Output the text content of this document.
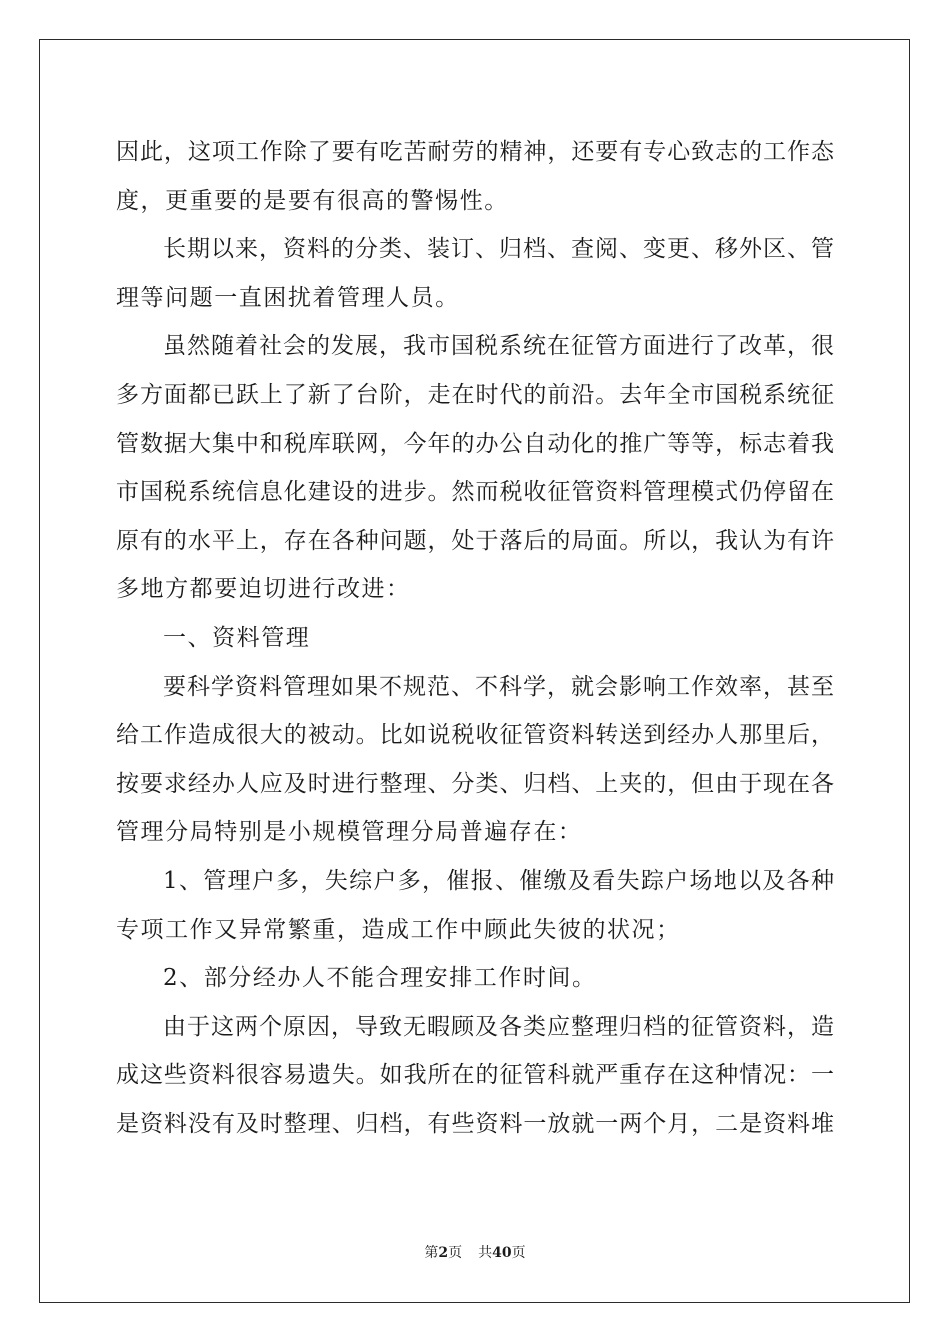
因此，这项工作除了要有吃苦耐劳的精神，还要有专心致志的工作态
度，更重要的是要有很高的警惕性。
长期以来，资料的分类、装订、归档、查阅、变更、移外区、管
理等问题一直困扰着管理人员。
虽然随着社会的发展，我市国税系统在征管方面进行了改革，很
多方面都已跃上了新了台阶，走在时代的前沿。去年全市国税系统征
管数据大集中和税库联网，今年的办公自动化的推广等等，标志着我
市国税系统信息化建设的进步。然而税收征管资料管理模式仍停留在
原有的水平上，存在各种问题，处于落后的局面。所以，我认为有许
多地方都要迫切进行改进：
一、资料管理
要科学资料管理如果不规范、不科学，就会影响工作效率，甚至
给工作造成很大的被动。比如说税收征管资料转送到经办人那里后，
按要求经办人应及时进行整理、分类、归档、上夹的，但由于现在各
管理分局特别是小规模管理分局普遍存在：
1、管理户多，失综户多，催报、催缴及看失踪户场地以及各种
专项工作又异常繁重，造成工作中顾此失彼的状况；
2、部分经办人不能合理安排工作时间。
由于这两个原因，导致无暇顾及各类应整理归档的征管资料，造
成这些资料很容易遗失。如我所在的征管科就严重存在这种情况：一
是资料没有及时整理、归档，有些资料一放就一两个月，二是资料堆
第2页 共40页
